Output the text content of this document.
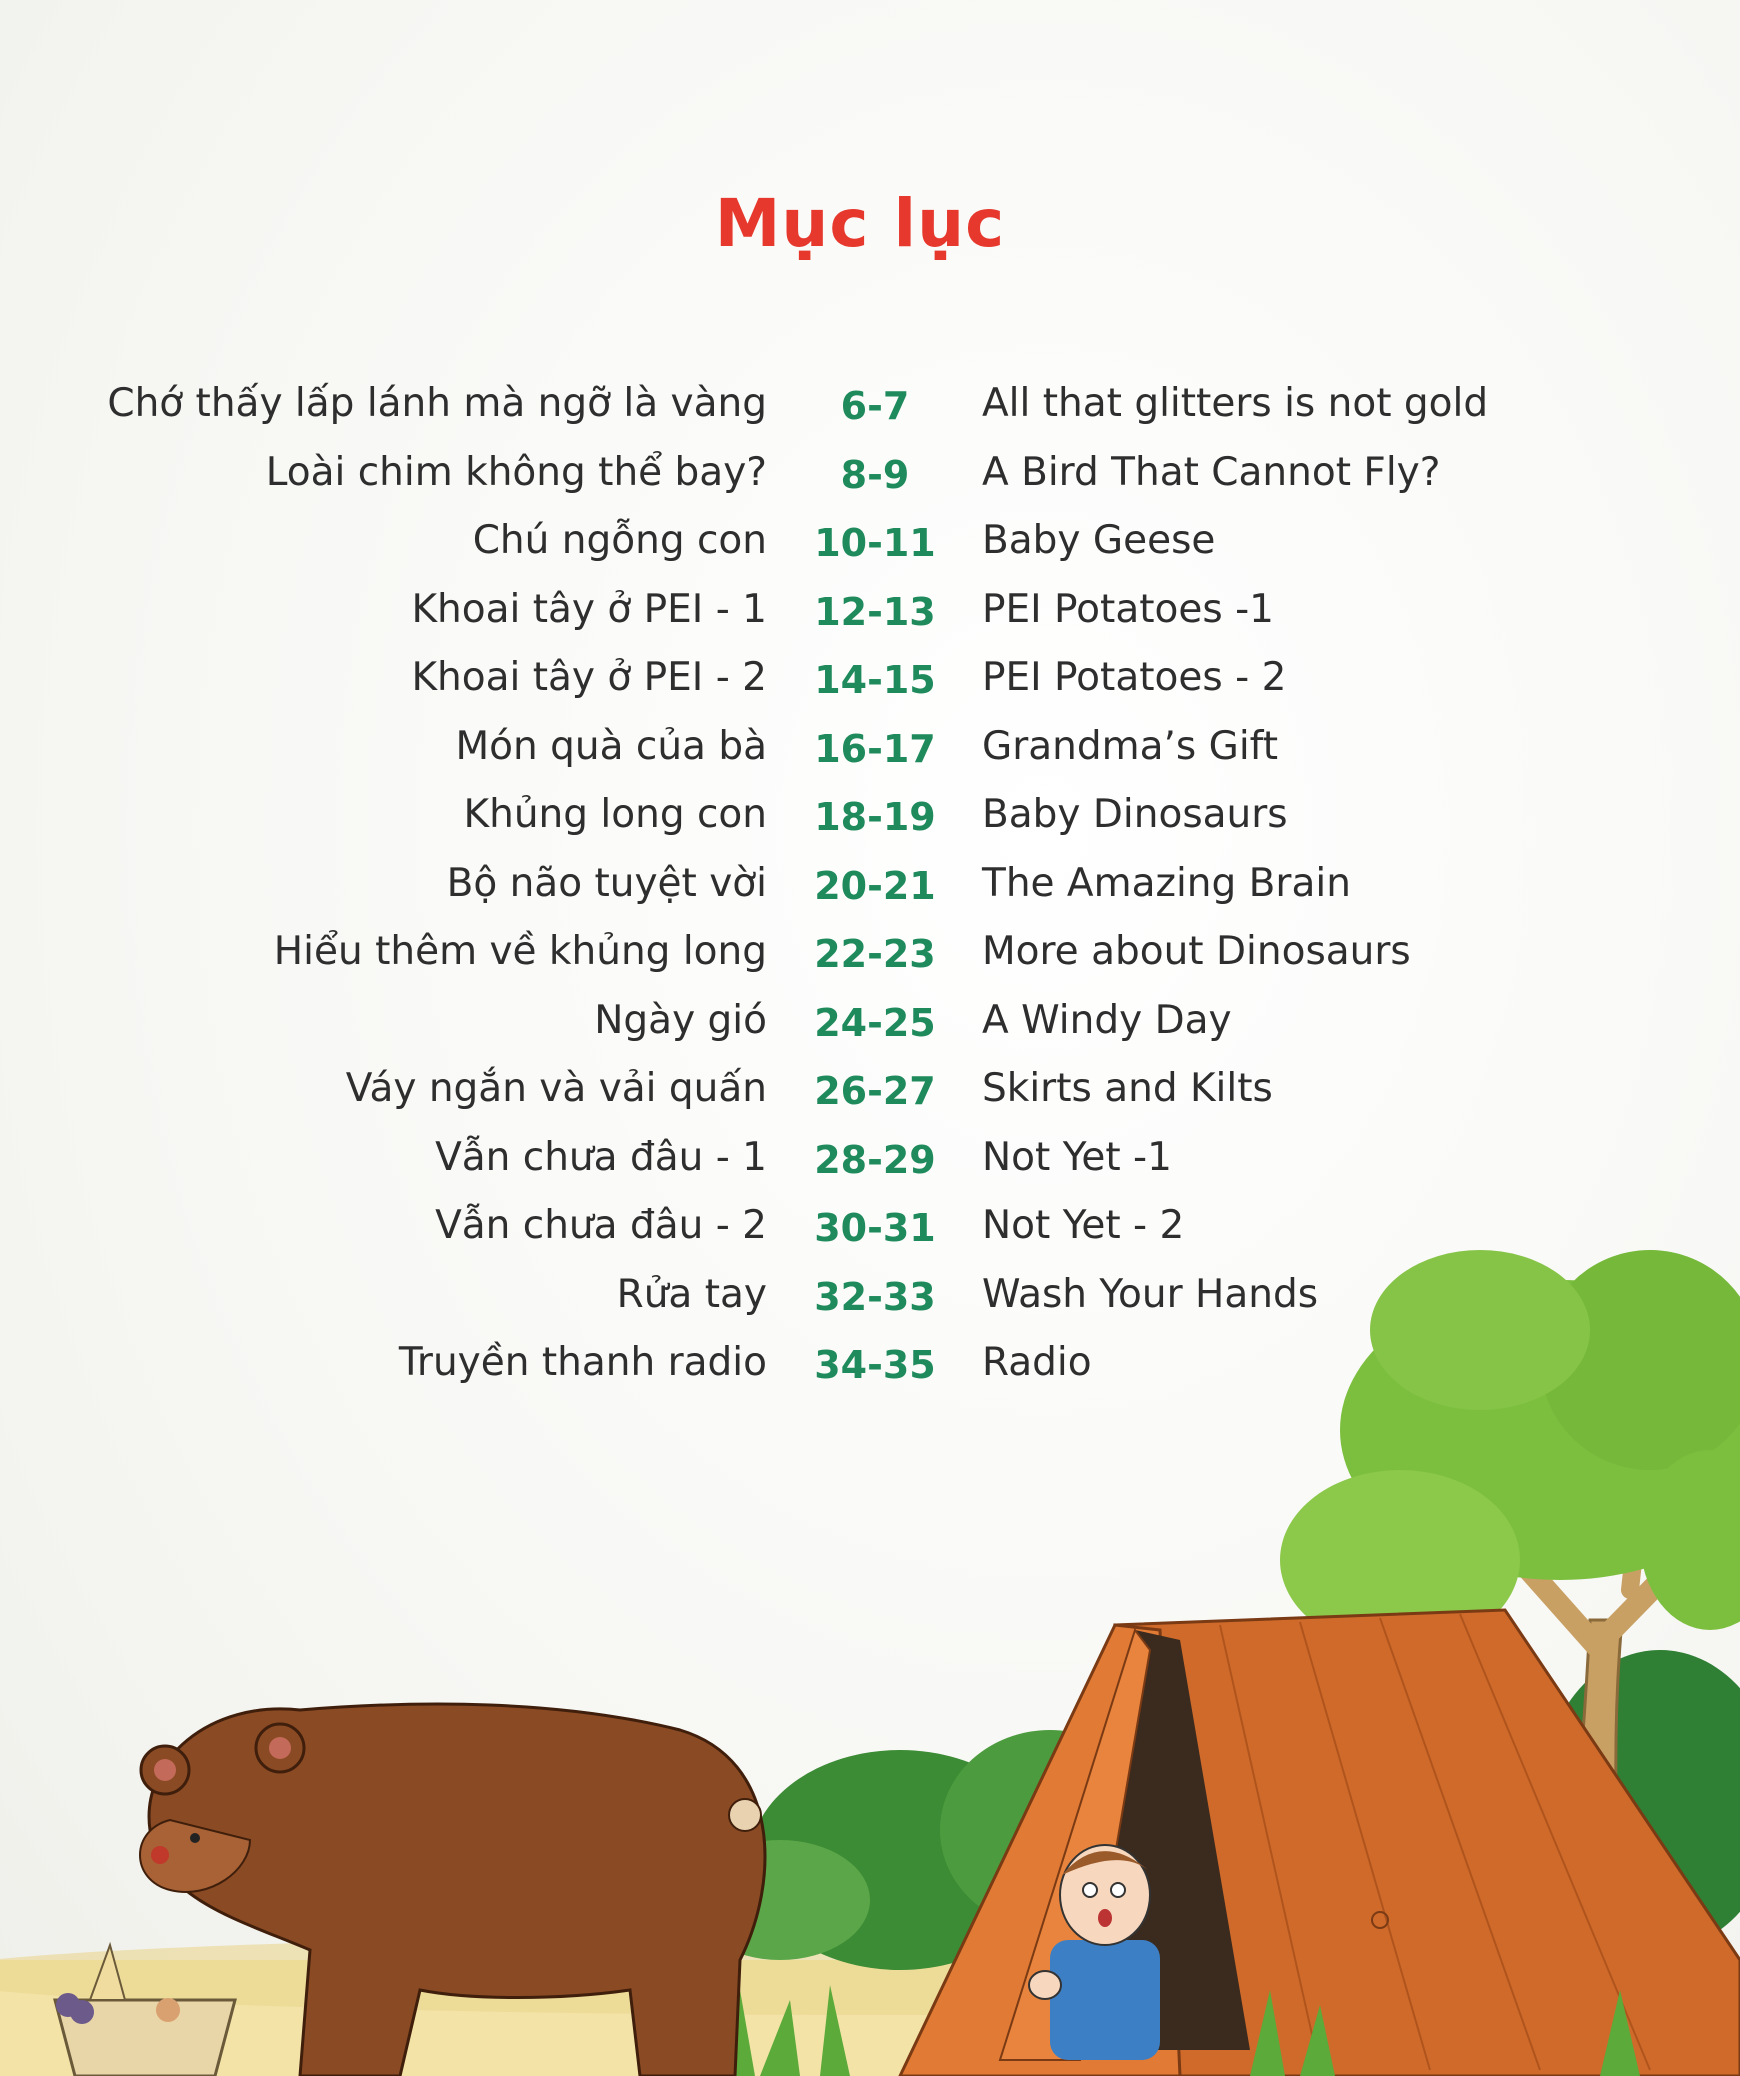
Mục lục
Chớ thấy lấp lánh mà ngỡ là vàng	6-7	All that glitters is not gold
Loài chim không thể bay?	8-9	A Bird That Cannot Fly?
Chú ngỗng con	10-11	Baby Geese
Khoai tây ở PEI - 1	12-13	PEI Potatoes -1
Khoai tây ở PEI - 2	14-15	PEI Potatoes - 2
Món quà của bà	16-17	Grandma’s Gift
Khủng long con	18-19	Baby Dinosaurs
Bộ não tuyệt vời	20-21	The Amazing Brain
Hiểu thêm về khủng long	22-23	More about Dinosaurs
Ngày gió	24-25	A Windy Day
Váy ngắn và vải quấn	26-27	Skirts and Kilts
Vẫn chưa đâu - 1	28-29	Not Yet -1
Vẫn chưa đâu - 2	30-31	Not Yet - 2
Rửa tay	32-33	Wash Your Hands
Truyền thanh radio	34-35	Radio
